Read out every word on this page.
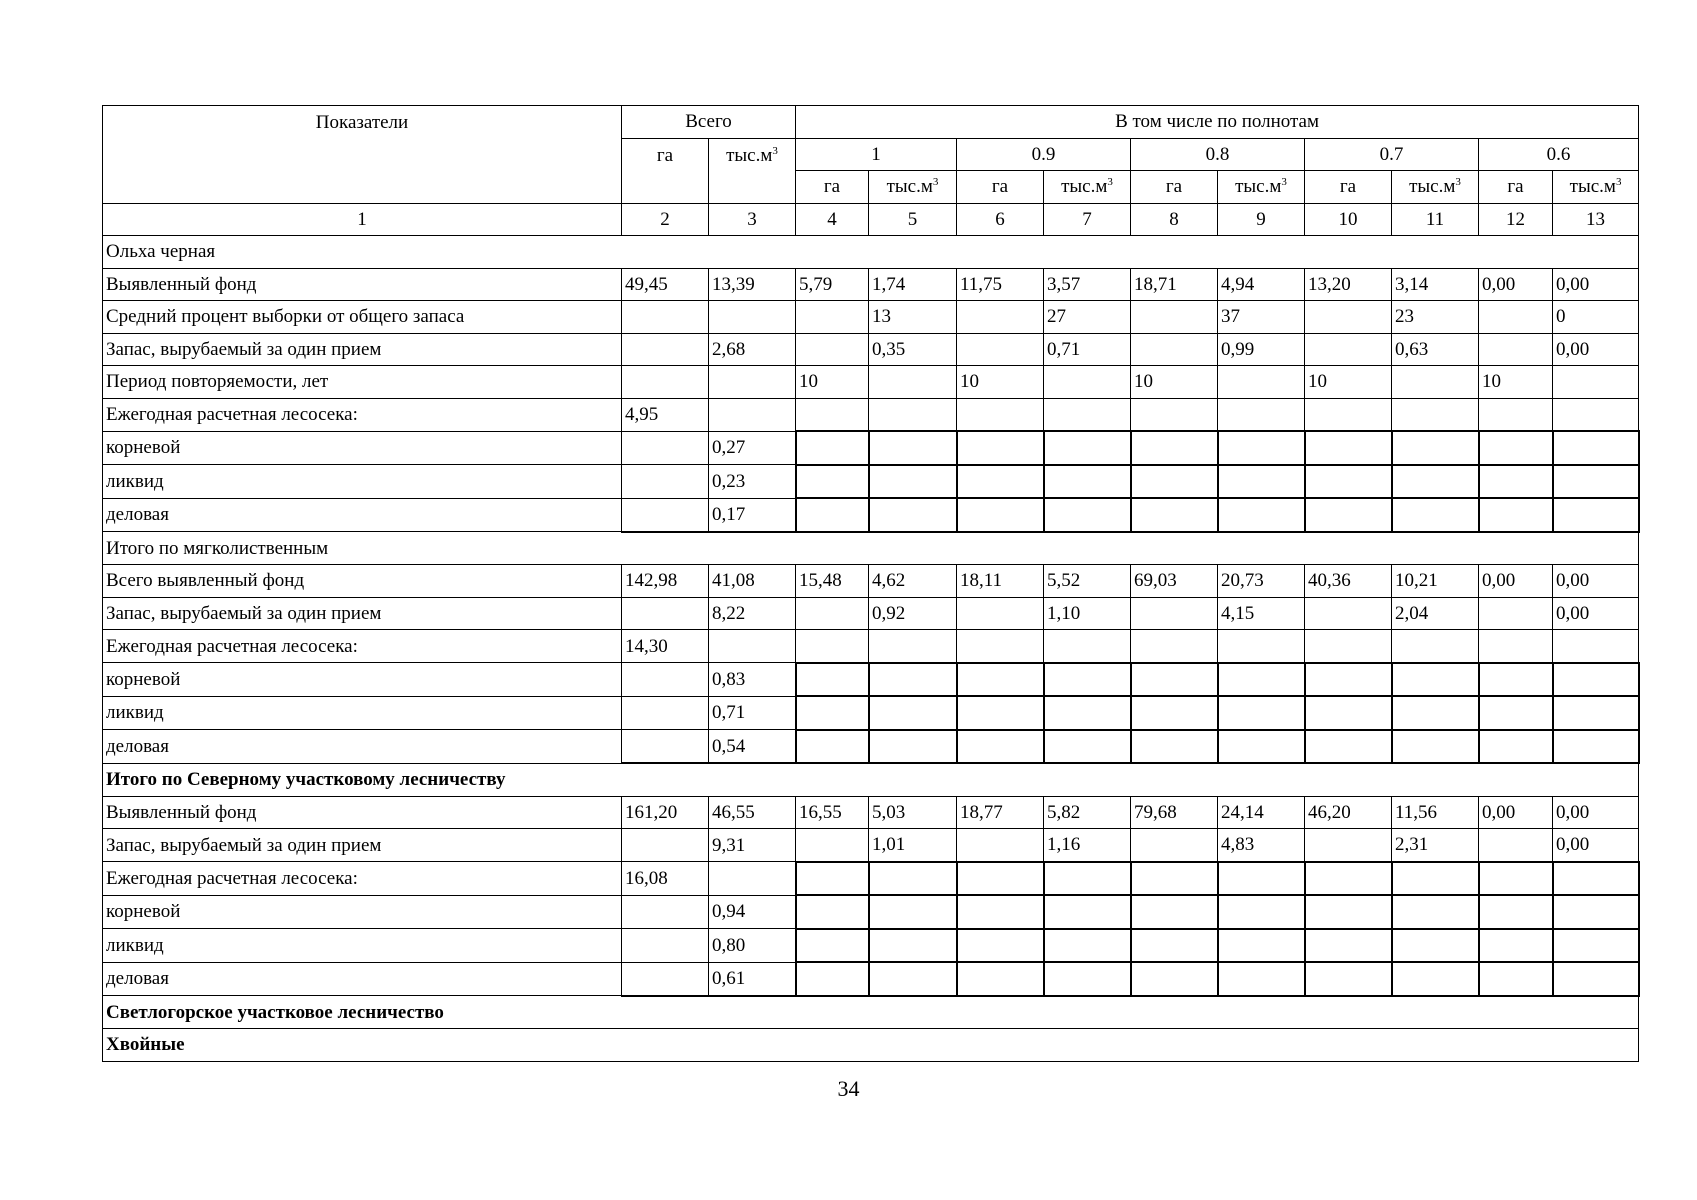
Показатели	Всего		В том числе по полнотам									
	га	$тыс.м^3$	1		0.9		0.8		0.7		0.6	
			га	$тыс.м^3$	га	$тыс.м^3$	га	$тыс.м^3$	га	$тыс.м^3$	га	$тыс.м^3$
1	2	3	4	5	6	7	8	9	10	11	12	13
Ольха черная												
Выявленный фонд	49,45	13,39	5,79	1,74	11,75	3,57	18,71	4,94	13,20	3,14	0,00	0,00
Средний процент выборки от общего запаса				13		27		37		23		0
Запас, вырубаемый за один прием		2,68		0,35		0,71		0,99		0,63		0,00
Период повторяемости, лет			10		10		10		10		10	
Ежегодная расчетная лесосека:	4,95											
корневой		0,27										
ликвид		0,23										
деловая		0,17										
Итого по мягколиственным												
Всего выявленный фонд	142,98	41,08	15,48	4,62	18,11	5,52	69,03	20,73	40,36	10,21	0,00	0,00
Запас, вырубаемый за один прием		8,22		0,92		1,10		4,15		2,04		0,00
Ежегодная расчетная лесосека:	14,30											
корневой		0,83										
ликвид		0,71										
деловая		0,54										
Итого по Северному участковому лесничеству												
Выявленный фонд	161,20	46,55	16,55	5,03	18,77	5,82	79,68	24,14	46,20	11,56	0,00	0,00
Запас, вырубаемый за один прием		9,31		1,01		1,16		4,83		2,31		0,00
Ежегодная расчетная лесосека:	16,08											
корневой		0,94										
ликвид		0,80										
деловая		0,61										
Светлогорское участковое лесничество												
Хвойные												
34
